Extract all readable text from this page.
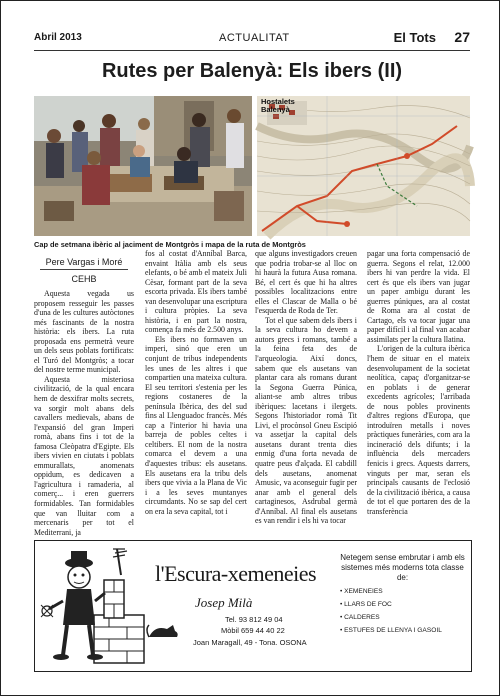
Abril 2013	ACTUALITAT	El Tots 27
Rutes per Balenyà: Els ibers (II)
Hostalets Balenyà
Cap de setmana ibèric al jaciment de Montgròs i mapa de la ruta de Montgròs
Pere Vargas i Moré
CEHB

Aquesta vegada us proposem resseguir les passes d'una de les cultures autòctones més fascinants de la nostra història: els ibers. La ruta proposada ens permetrà veure un dels seus poblats fortificats: el Turó del Montgròs; a tocar del nostre terme municipal.

Aquesta misteriosa civilització, de la qual encara hem de desxifrar molts secrets, va sorgir molt abans dels cavallers medievals, abans de l'expansió del gran Imperi romà, abans fins i tot de la famosa Cleòpatra d'Egipte. Els ibers vivien en ciutats i poblats emmurallats, anomenats oppidum, es dedicaven a l'agricultura i ramaderia, al comerç... i eren guerrers formidables. Tan formidables que van lluitar com a mercenaris per tot el Mediterrani, ja

fos al costat d'Anníbal Barca, envaint Itàlia amb els seus elefants, o bé amb el mateix Juli Cèsar, formant part de la seva escorta privada. Els ibers també van desenvolupar una escriptura i cultura pròpies. La seva història, i en part la nostra, comença fa més de 2.500 anys.

Els ibers no formaven un imperi, sinó que eren un conjunt de tribus independents les unes de les altres i que compartien una mateixa cultura. El seu territori s'estenia per les regions costaneres de la península Ibèrica, des del sud fins al Llenguadoc francès. Més cap a l'interior hi havia una barreja de pobles celtes i celtibers. El nom de la nostra comarca el devem a una d'aquestes tribus: els ausetans. Els ausetans era la tribu dels ibers que vivia a la Plana de Vic i a les seves muntanyes circumdants. No se sap del cert on era la seva capital, tot i

que alguns investigadors creuen que podria trobar-se al lloc on hi haurà la futura Ausa romana. Bé, el cert és que hi ha altres possibles localitzacions entre elles el Clascar de Malla o bé l'esquerda de Roda de Ter.

Tot el que sabem dels ibers i la seva cultura ho devem a autors grecs i romans, també a la feina feta des de l'arqueologia. Així doncs, sabem que els ausetans van plantar cara als romans durant la Segona Guerra Púnica, aliant-se amb altres tribus ibèriques: lacetans i ilergets. Segons l'historiador romà Tit Livi, el procònsol Gneu Escipió va assetjar la capital dels ausetans durant trenta dies enmig d'una forta nevada de quatre peus d'alçada. El cabdill dels ausetans, anomenat Amusic, va aconseguir fugir per anar amb el general dels cartaginesos, Asdrubal germà d'Anníbal. Al final els ausetans es van rendir i els hi va tocar

pagar una forta compensació de guerra. Segons el relat, 12.000 ibers hi van perdre la vida. El cert és que els ibers van jugar un paper ambigu durant les guerres púniques, ara al costat de Roma ara al costat de Cartago, els va tocar jugar una paper difícil i al final van acabar assimilats per la cultura llatina.

L'origen de la cultura ibèrica l'hem de situar en el mateix desenvolupament de la societat neolítica, capaç d'organitzar-se en poblats i de generar excedents agrícoles; l'arribada de nous pobles provinents d'altres regions d'Europa, que introduïren metalls i noves pràctiques funeràries, com ara la incineració dels difunts; i la influència dels mercaders fenicis i grecs. Aquests darrers, vinguts per mar, seran els principals causants de l'eclosió de la civilització ibèrica, a causa de tot el que portaren des de la transferència

l'Escura-xemeneies
Josep Milà
Tel. 93 812 49 04
Mòbil 659 44 40 22
Joan Maragall, 49 - Tona. OSONA
Netegem sense embrutar i amb els sistemes més moderns tota classe de:
• XEMENEIES
• LLARS DE FOC
• CALDERES
• ESTUFES DE LLENYA I GASOIL
